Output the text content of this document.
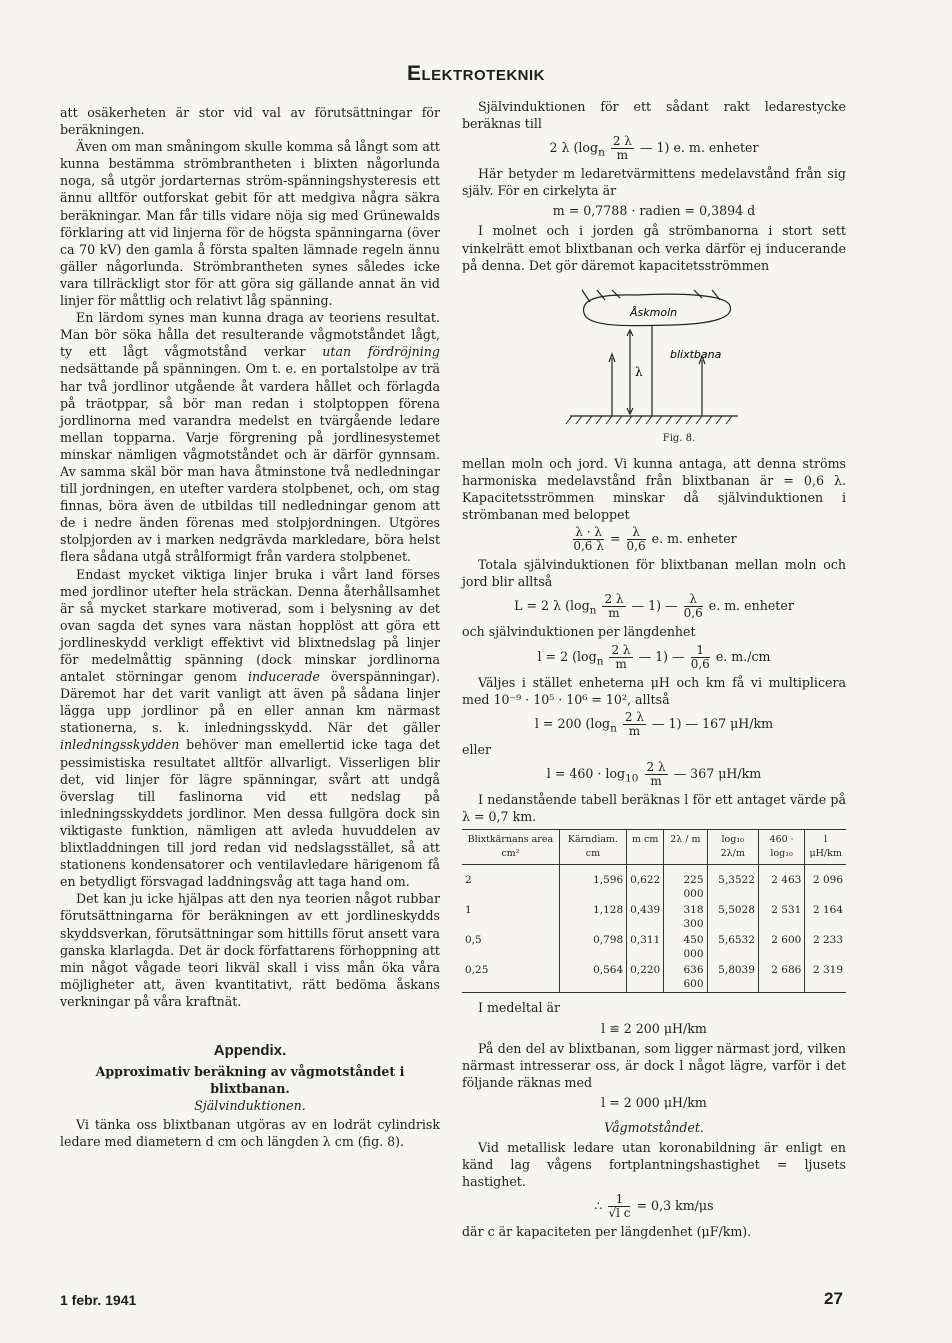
Elektroteknik

att osäkerheten är stor vid val av förutsättningar för beräkningen.

Även om man småningom skulle komma så långt som att kunna bestämma strömbrantheten i blixten någorlunda noga, så utgör jordarternas ström-spänningshysteresis ett ännu alltför outforskat gebit för att medgiva några säkra beräkningar. Man får tills vidare nöja sig med Grünewalds förklaring att vid linjerna för de högsta spänningarna (över ca 70 kV) den gamla å första spalten lämnade regeln ännu gäller någorlunda. Strömbrantheten synes således icke vara tillräckligt stor för att göra sig gällande annat än vid linjer för måttlig och relativt låg spänning.

En lärdom synes man kunna draga av teoriens resultat. Man bör söka hålla det resulterande vågmotståndet lågt, ty ett lågt vågmotstånd verkar utan fördröjning nedsättande på spänningen. Om t. e. en portalstolpe av trä har två jordlinor utgående åt vardera hållet och förlagda på träotppar, så bör man redan i stolptoppen förena jordlinorna med varandra medelst en tvärgående ledare mellan topparna. Varje förgrening på jordlinesystemet minskar nämligen vågmotståndet och är därför gynnsam. Av samma skäl bör man hava åtminstone två nedledningar till jordningen, en utefter vardera stolpbenet, och, om stag finnas, böra även de utbildas till nedledningar genom att de i nedre änden förenas med stolpjordningen. Utgöres stolpjorden av i marken nedgrävda markledare, böra helst flera sådana utgå strålformigt från vardera stolpbenet.

Endast mycket viktiga linjer bruka i vårt land förses med jordlinor utefter hela sträckan. Denna återhållsamhet är så mycket starkare motiverad, som i belysning av det ovan sagda det synes vara nästan hopplöst att göra ett jordlineskydd verkligt effektivt vid blixtnedslag på linjer för medelmåttig spänning (dock minskar jordlinorna antalet störningar genom inducerade överspänningar). Däremot har det varit vanligt att även på sådana linjer lägga upp jordlinor på en eller annan km närmast stationerna, s. k. inledningsskydd. När det gäller inledningsskydden behöver man emellertid icke taga det pessimistiska resultatet alltför allvarligt. Visserligen blir det, vid linjer för lägre spänningar, svårt att undgå överslag till faslinorna vid ett nedslag på inledningsskyddets jordlinor. Men dessa fullgöra dock sin viktigaste funktion, nämligen att avleda huvuddelen av blixtladdningen till jord redan vid nedslagsstället, så att stationens kondensatorer och ventilavledare härigenom få en betydligt försvagad laddningsvåg att taga hand om.

Det kan ju icke hjälpas att den nya teorien något rubbar förutsättningarna för beräkningen av ett jordlineskydds skyddsverkan, förutsättningar som hittills förut ansett vara ganska klarlagda. Det är dock författarens förhoppning att min något vågade teori likväl skall i viss mån öka våra möjligheter att, även kvantitativt, rätt bedöma åskans verkningar på våra kraftnät.

Appendix.
Approximativ beräkning av vågmotståndet i blixtbanan.
Självinduktionen.

Vi tänka oss blixtbanan utgöras av en lodrät cylindrisk ledare med diametern d cm och längden λ cm (fig. 8).

Självinduktionen för ett sådant rakt ledarestycke beräknas till

2 λ ($\log_n \frac{2 \lambda}{m}$ — 1) e. m. enheter

Här betyder m ledaretvärmittens medelavstånd från sig själv. För en cirkelyta är

m = 0,7788 · radien = 0,3894 d

I molnet och i jorden gå strömbanorna i stort sett vinkelrätt emot blixtbanan och verka därför ej inducerande på denna. Det gör däremot kapacitetsströmmen

Åskmoln
blixtbana
λ
Fig. 8.

mellan moln och jord. Vi kunna antaga, att denna ströms harmoniska medelavstånd från blixtbanan är = 0,6 λ. Kapacitetsströmmen minskar då självinduktionen i strömbanan med beloppet

$\frac{\lambda \cdot \lambda}{0,6 \lambda} = \frac{\lambda}{0,6} e$. m. enheter

Totala självinduktionen för blixtbanan mellan moln och jord blir alltså

L = 2 λ ($\log_n \frac{2 \lambda}{m}$ — 1) — $\frac{\lambda}{0,6} e$. m. enheter

och självinduktionen per längdenhet

l = 2 ($\log_n \frac{2 \lambda}{m}$ — 1) — $\frac{1}{0,6} e$. m./cm

Väljes i stället enheterna μH och km få vi multiplicera med 10⁻⁹ · 10⁵ · 10⁶ = 10², alltså

l = 200 ($\log_n \frac{2 \lambda}{m}$ — 1) — 167 μH/km

eller

$l = 460 \cdot \log_{10} \frac{2 \lambda}{m}$ — 367 μH/km

I nedanstående tabell beräknas l för ett antaget värde på λ = 0,7 km.

Blixtkärnans area cm²	Kärndiam. cm	m cm	2λ / m	log₁₀ 2λ/m	460 · log₁₀	l μH/km

2	1,596	0,622	225 000	5,3522	2 463	2 096
1	1,128	0,439	318 300	5,5028	2 531	2 164
0,5	0,798	0,311	450 000	5,6532	2 600	2 233
0,25	0,564	0,220	636 600	5,8039	2 686	2 319

I medeltal är

l ≌ 2 200 μH/km

På den del av blixtbanan, som ligger närmast jord, vilken närmast intresserar oss, är dock l något lägre, varför i det följande räknas med

l = 2 000 μH/km
Vågmotståndet.

Vid metallisk ledare utan koronabildning är enligt en känd lag vågens fortplantningshastighet = ljusets hastighet.

∴ $\frac{1}{\text{√l c}} = 0,3$ km/μs

där c är kapaciteten per längdenhet (μF/km).

1 febr. 1941	27
